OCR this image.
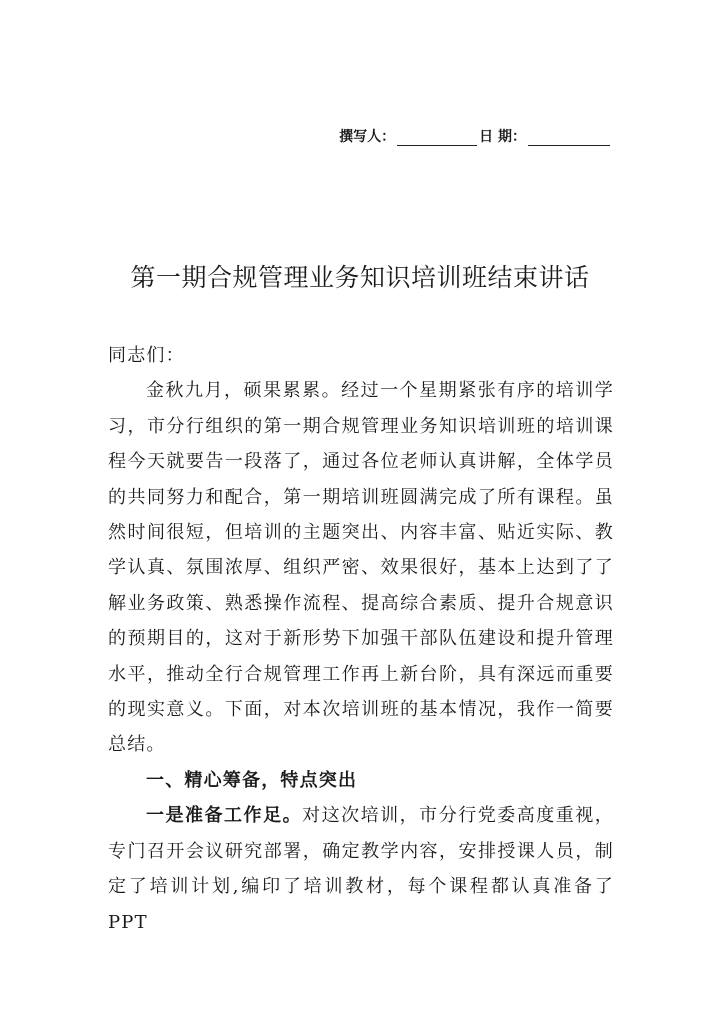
撰写人：	日 期：
第一期合规管理业务知识培训班结束讲话

同志们：

金秋九月，硕果累累。经过一个星期紧张有序的培训学习，市分行组织的第一期合规管理业务知识培训班的培训课程今天就要告一段落了，通过各位老师认真讲解，全体学员的共同努力和配合，第一期培训班圆满完成了所有课程。虽然时间很短，但培训的主题突出、内容丰富、贴近实际、教学认真、氛围浓厚、组织严密、效果很好，基本上达到了了解业务政策、熟悉操作流程、提高综合素质、提升合规意识的预期目的，这对于新形势下加强干部队伍建设和提升管理水平，推动全行合规管理工作再上新台阶，具有深远而重要的现实意义。下面，对本次培训班的基本情况，我作一简要总结。

一、精心筹备，特点突出

一是准备工作足。对这次培训，市分行党委高度重视，专门召开会议研究部署，确定教学内容，安排授课人员，制定了培训计划,编印了培训教材，每个课程都认真准备了PPT
